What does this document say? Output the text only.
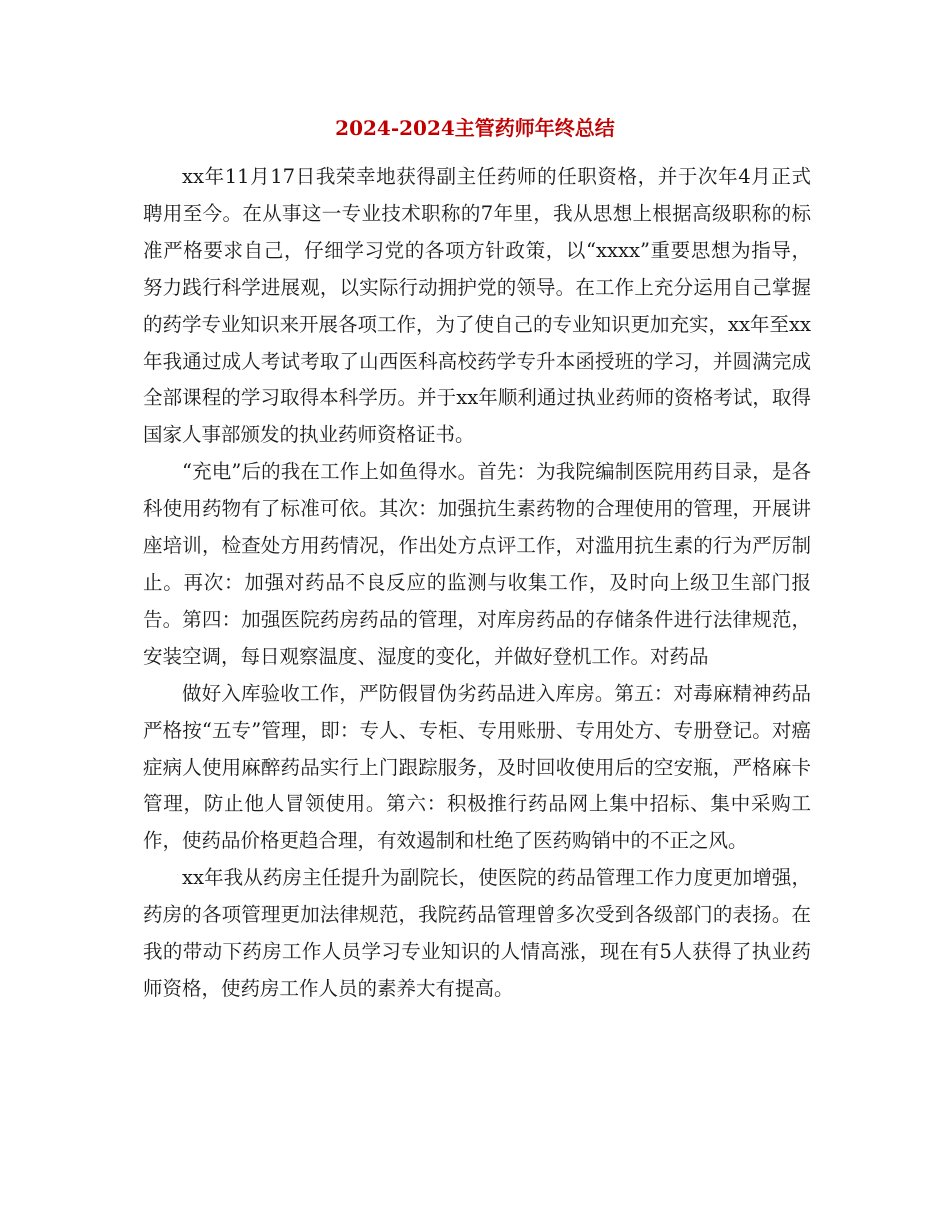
2024-2024主管药师年终总结

xx年11月17日我荣幸地获得副主任药师的任职资格，并于次年4月正式聘用至今。在从事这一专业技术职称的7年里，我从思想上根据高级职称的标准严格要求自己，仔细学习党的各项方针政策，以“xxxx”重要思想为指导，努力践行科学进展观，以实际行动拥护党的领导。在工作上充分运用自己掌握的药学专业知识来开展各项工作，为了使自己的专业知识更加充实，xx年至xx年我通过成人考试考取了山西医科高校药学专升本函授班的学习，并圆满完成全部课程的学习取得本科学历。并于xx年顺利通过执业药师的资格考试，取得国家人事部颁发的执业药师资格证书。

“充电”后的我在工作上如鱼得水。首先：为我院编制医院用药目录，是各科使用药物有了标准可依。其次：加强抗生素药物的合理使用的管理，开展讲座培训，检查处方用药情况，作出处方点评工作，对滥用抗生素的行为严厉制止。再次：加强对药品不良反应的监测与收集工作，及时向上级卫生部门报告。第四：加强医院药房药品的管理，对库房药品的存储条件进行法律规范，安装空调，每日观察温度、湿度的变化，并做好登机工作。对药品

做好入库验收工作，严防假冒伪劣药品进入库房。第五：对毒麻精神药品严格按“五专”管理，即：专人、专柜、专用账册、专用处方、专册登记。对癌症病人使用麻醉药品实行上门跟踪服务，及时回收使用后的空安瓶，严格麻卡管理，防止他人冒领使用。第六：积极推行药品网上集中招标、集中采购工作，使药品价格更趋合理，有效遏制和杜绝了医药购销中的不正之风。

xx年我从药房主任提升为副院长，使医院的药品管理工作力度更加增强，药房的各项管理更加法律规范，我院药品管理曾多次受到各级部门的表扬。在我的带动下药房工作人员学习专业知识的人情高涨，现在有5人获得了执业药师资格，使药房工作人员的素养大有提高。
